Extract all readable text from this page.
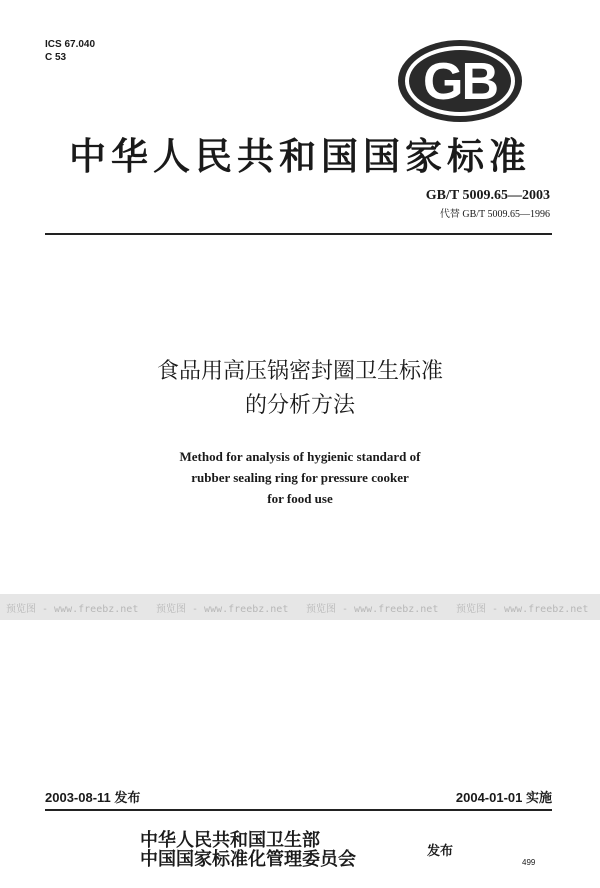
ICS 67.040
C 53	GB
中华人民共和国国家标准
GB/T 5009.65—2003
代替 GB/T 5009.65—1996
食品用高压锅密封圈卫生标准
的分析方法
Method for analysis of hygienic standard of
rubber sealing ring for pressure cooker
for food use
预览图 - www.freebz.net	预览图 - www.freebz.net	预览图 - www.freebz.net	预览图 - www.freebz.net
2003-08-11 发布	2004-01-01 实施
中华人民共和国卫生部
中国国家标准化管理委员会	发布
499
